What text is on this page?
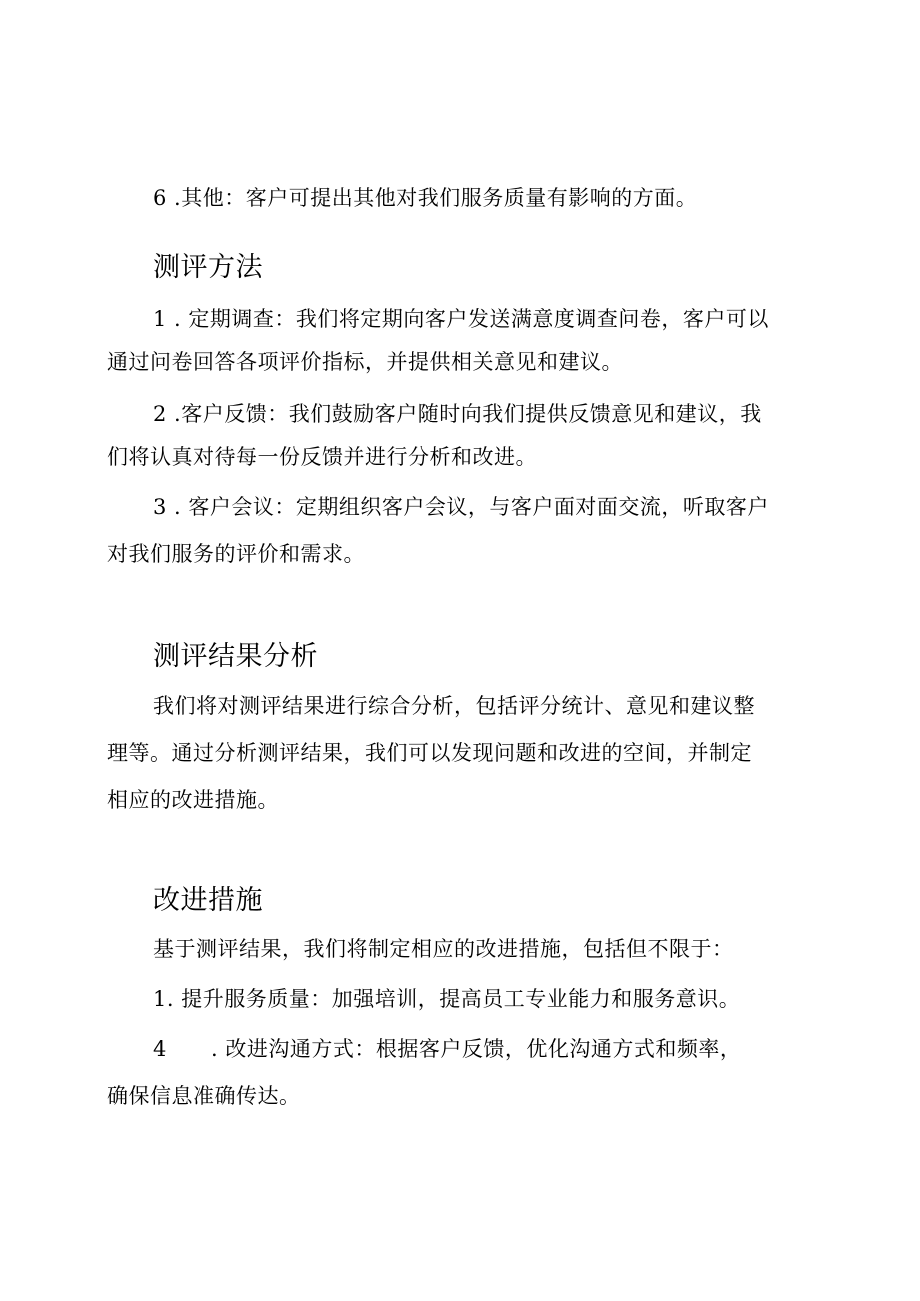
6 .其他：客户可提出其他对我们服务质量有影响的方面。
测评方法
1 . 定期调查：我们将定期向客户发送满意度调查问卷，客户可以
通过问卷回答各项评价指标，并提供相关意见和建议。
2 .客户反馈：我们鼓励客户随时向我们提供反馈意见和建议，我
们将认真对待每一份反馈并进行分析和改进。
3 . 客户会议：定期组织客户会议，与客户面对面交流，听取客户
对我们服务的评价和需求。
测评结果分析
我们将对测评结果进行综合分析，包括评分统计、意见和建议整
理等。通过分析测评结果，我们可以发现问题和改进的空间，并制定
相应的改进措施。
改进措施
基于测评结果，我们将制定相应的改进措施，包括但不限于：
1. 提升服务质量：加强培训，提高员工专业能力和服务意识。
4 . 改进沟通方式：根据客户反馈，优化沟通方式和频率，
确保信息准确传达。
